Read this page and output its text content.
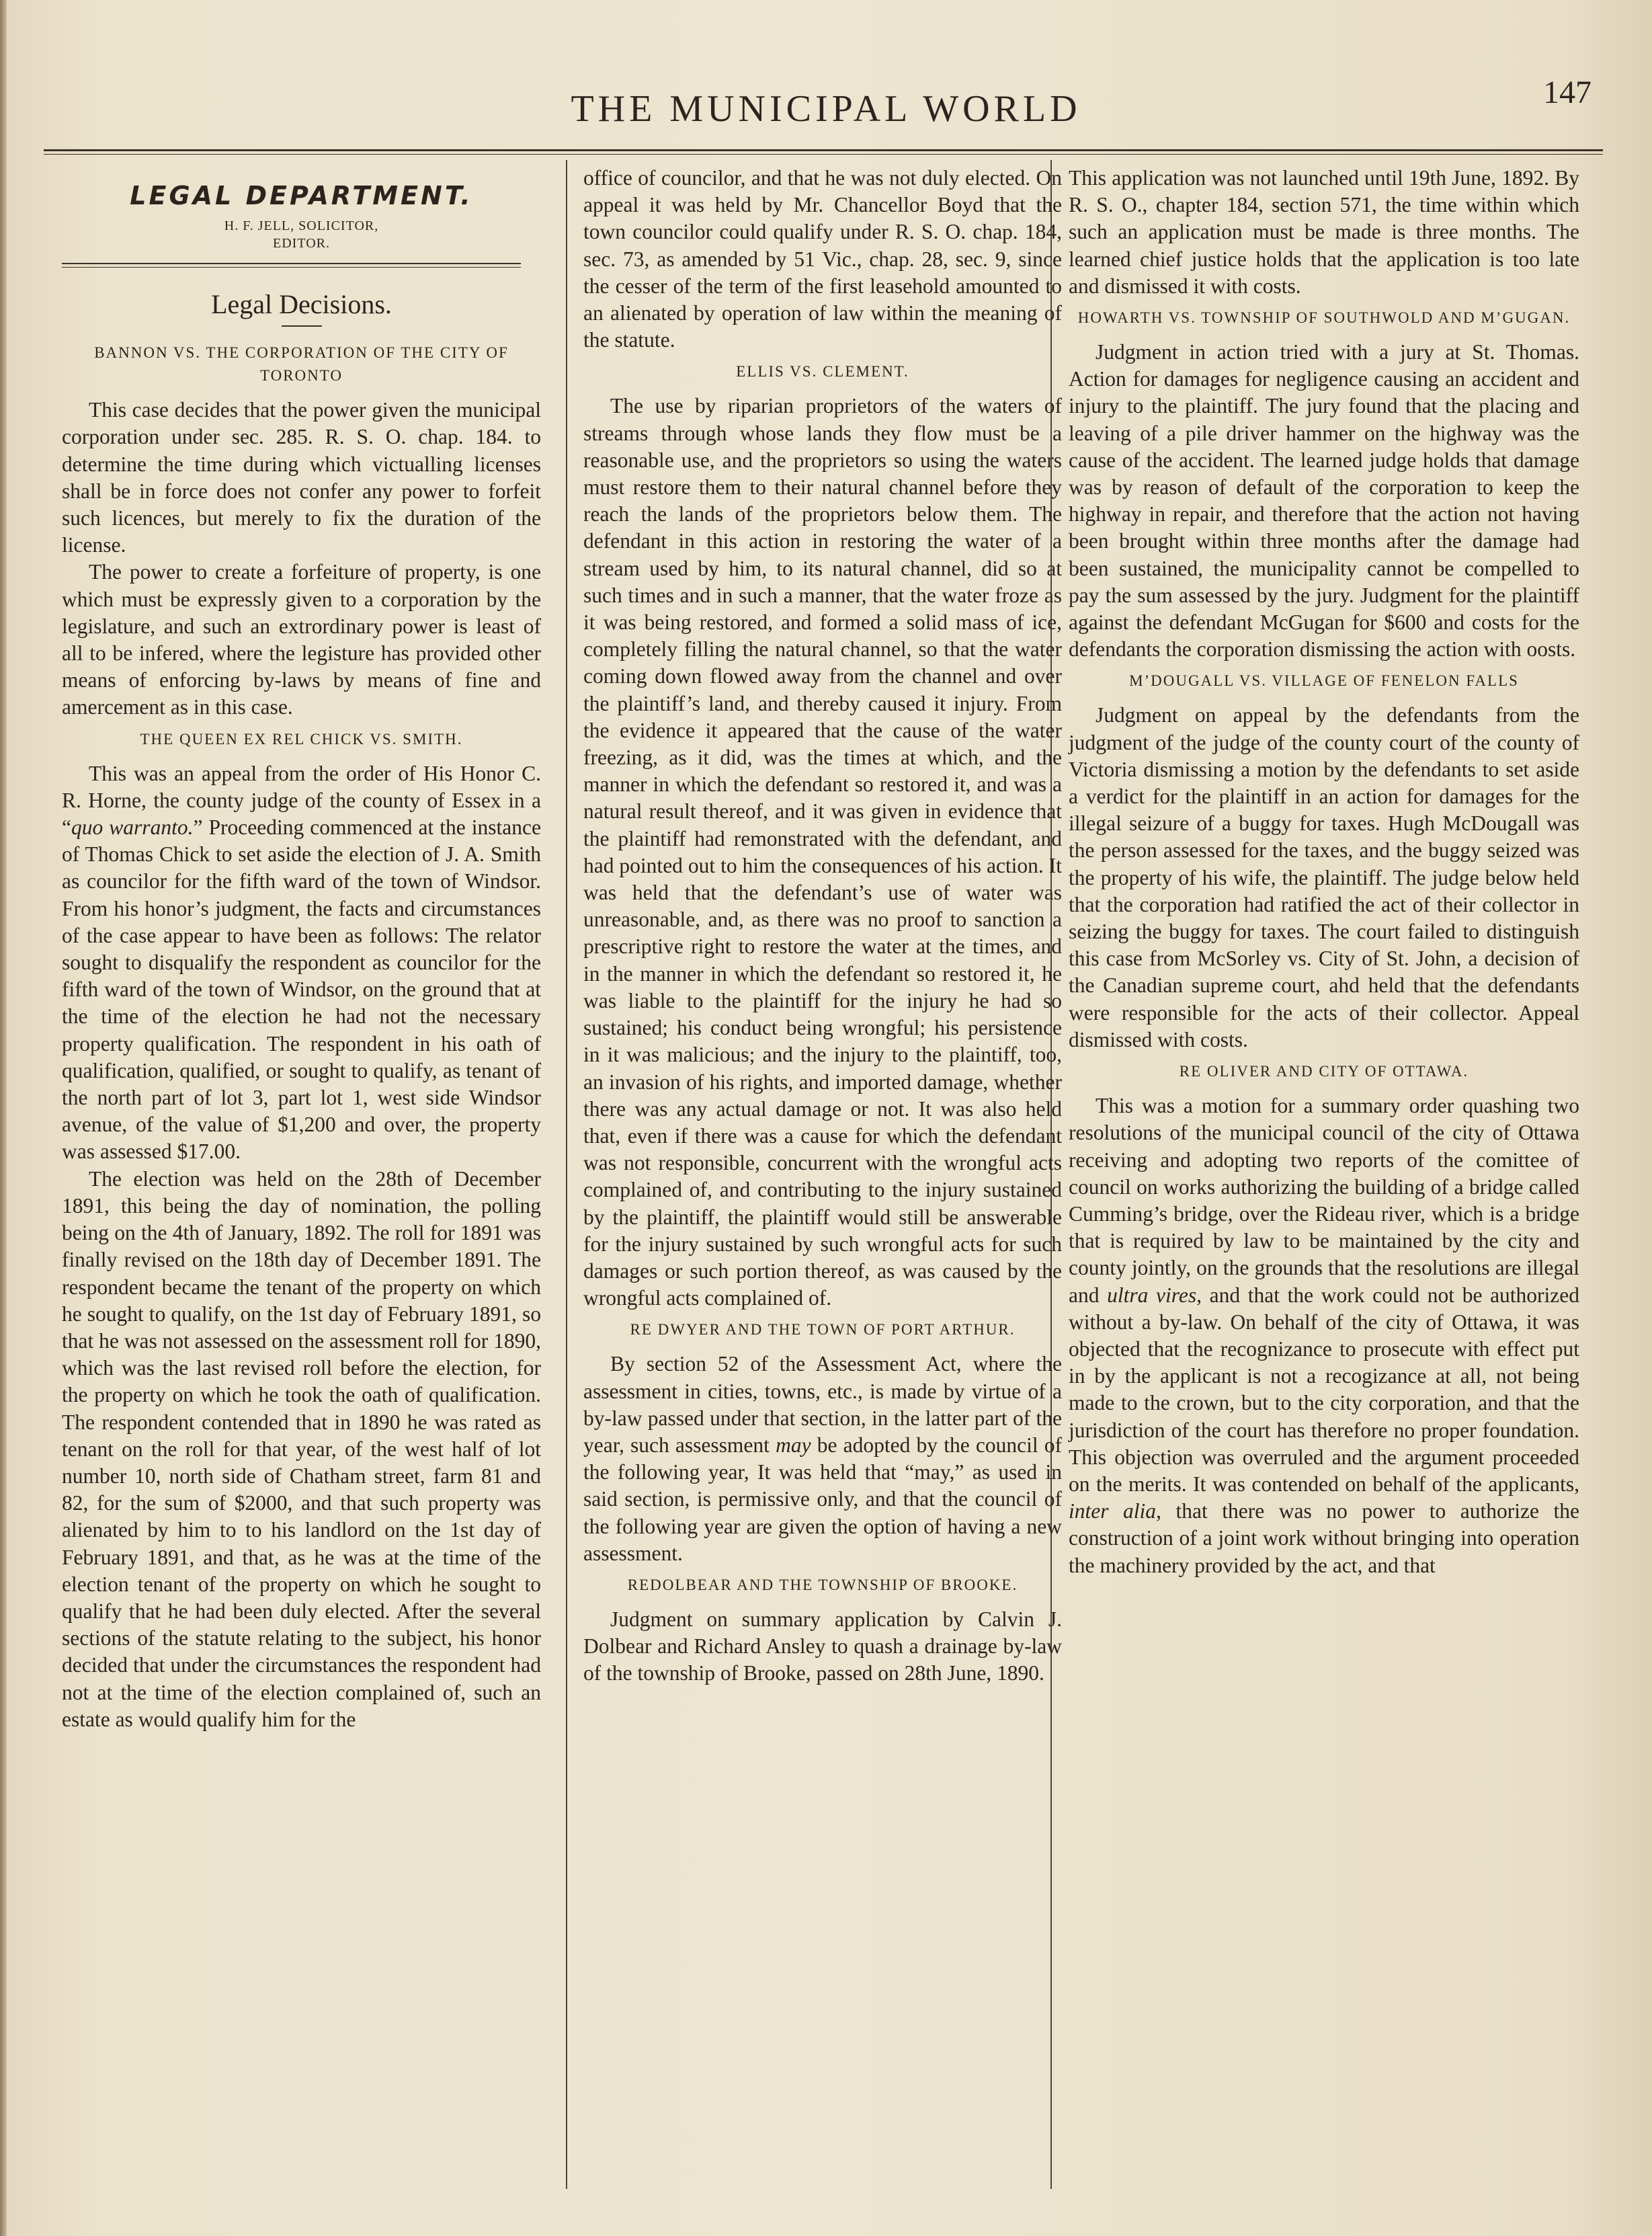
THE MUNICIPAL WORLD	147
LEGAL DEPARTMENT.
H. F. JELL, SOLICITOR,
EDITOR.
Legal Decisions.
BANNON VS. THE CORPORATION OF THE CITY OF TORONTO

This case decides that the power given the municipal corporation under sec. 285. R. S. O. chap. 184. to determine the time during which victualling licenses shall be in force does not confer any power to forfeit such licences, but merely to fix the duration of the license.

The power to create a forfeiture of property, is one which must be expressly given to a corporation by the legislature, and such an extrordinary power is least of all to be infered, where the legisture has provided other means of enforcing by-laws by means of fine and amercement as in this case.

THE QUEEN EX REL CHICK VS. SMITH.

This was an appeal from the order of His Honor C. R. Horne, the county judge of the county of Essex in a “quo warranto.” Proceeding commenced at the instance of Thomas Chick to set aside the election of J. A. Smith as councilor for the fifth ward of the town of Windsor. From his honor’s judgment, the facts and circumstances of the case appear to have been as follows: The relator sought to disqualify the respondent as councilor for the fifth ward of the town of Windsor, on the ground that at the time of the election he had not the necessary property qualification. The respondent in his oath of qualification, qualified, or sought to qualify, as tenant of the north part of lot 3, part lot 1, west side Windsor avenue, of the value of $1,200 and over, the property was assessed $17.00.

The election was held on the 28th of December 1891, this being the day of nomination, the polling being on the 4th of January, 1892. The roll for 1891 was finally revised on the 18th day of December 1891. The respondent became the tenant of the property on which he sought to qualify, on the 1st day of February 1891, so that he was not assessed on the assessment roll for 1890, which was the last revised roll before the election, for the property on which he took the oath of qualification. The respondent contended that in 1890 he was rated as tenant on the roll for that year, of the west half of lot number 10, north side of Chatham street, farm 81 and 82, for the sum of $2000, and that such property was alienated by him to to his landlord on the 1st day of February 1891, and that, as he was at the time of the election tenant of the property on which he sought to qualify that he had been duly elected. After the several sections of the statute relating to the subject, his honor decided that under the circumstances the respondent had not at the time of the election complained of, such an estate as would qualify him for the

office of councilor, and that he was not duly elected. On appeal it was held by Mr. Chancellor Boyd that the town councilor could qualify under R. S. O. chap. 184, sec. 73, as amended by 51 Vic., chap. 28, sec. 9, since the cesser of the term of the first leasehold amounted to an alienated by operation of law within the meaning of the statute.

ELLIS VS. CLEMENT.

The use by riparian proprietors of the waters of streams through whose lands they flow must be a reasonable use, and the proprietors so using the waters must restore them to their natural channel before they reach the lands of the proprietors below them. The defendant in this action in restoring the water of a stream used by him, to its natural channel, did so at such times and in such a manner, that the water froze as it was being restored, and formed a solid mass of ice, completely filling the natural channel, so that the water coming down flowed away from the channel and over the plaintiff’s land, and thereby caused it injury. From the evidence it appeared that the cause of the water freezing, as it did, was the times at which, and the manner in which the defendant so restored it, and was a natural result thereof, and it was given in evidence that the plaintiff had remonstrated with the defendant, and had pointed out to him the consequences of his action. It was held that the defendant’s use of water was unreasonable, and, as there was no proof to sanction a prescriptive right to restore the water at the times, and in the manner in which the defendant so restored it, he was liable to the plaintiff for the injury he had so sustained; his conduct being wrongful; his persistence in it was malicious; and the injury to the plaintiff, too, an invasion of his rights, and imported damage, whether there was any actual damage or not. It was also held that, even if there was a cause for which the defendant was not responsible, concurrent with the wrongful acts complained of, and contributing to the injury sustained by the plaintiff, the plaintiff would still be answerable for the injury sustained by such wrongful acts for such damages or such portion thereof, as was caused by the wrongful acts complained of.

RE DWYER AND THE TOWN OF PORT ARTHUR.

By section 52 of the Assessment Act, where the assessment in cities, towns, etc., is made by virtue of a by-law passed under that section, in the latter part of the year, such assessment may be adopted by the council of the following year, It was held that “may,” as used in said section, is permissive only, and that the council of the following year are given the option of having a new assessment.

REDOLBEAR AND THE TOWNSHIP OF BROOKE.

Judgment on summary application by Calvin J. Dolbear and Richard Ansley to quash a drainage by-law of the township of Brooke, passed on 28th June, 1890.

This application was not launched until 19th June, 1892. By R. S. O., chapter 184, section 571, the time within which such an application must be made is three months. The learned chief justice holds that the application is too late and dismissed it with costs.

HOWARTH VS. TOWNSHIP OF SOUTHWOLD AND M’GUGAN.

Judgment in action tried with a jury at St. Thomas. Action for damages for negligence causing an accident and injury to the plaintiff. The jury found that the placing and leaving of a pile driver hammer on the highway was the cause of the accident. The learned judge holds that damage was by reason of default of the corporation to keep the highway in repair, and therefore that the action not having been brought within three months after the damage had been sustained, the municipality cannot be compelled to pay the sum assessed by the jury. Judgment for the plaintiff against the defendant McGugan for $600 and costs for the defendants the corporation dismissing the action with oosts.

M’DOUGALL VS. VILLAGE OF FENELON FALLS

Judgment on appeal by the defendants from the judgment of the judge of the county court of the county of Victoria dismissing a motion by the defendants to set aside a verdict for the plaintiff in an action for damages for the illegal seizure of a buggy for taxes. Hugh McDougall was the person assessed for the taxes, and the buggy seized was the property of his wife, the plaintiff. The judge below held that the corporation had ratified the act of their collector in seizing the buggy for taxes. The court failed to distinguish this case from McSorley vs. City of St. John, a decision of the Canadian supreme court, ahd held that the defendants were responsible for the acts of their collector. Appeal dismissed with costs.

RE OLIVER AND CITY OF OTTAWA.

This was a motion for a summary order quashing two resolutions of the municipal council of the city of Ottawa receiving and adopting two reports of the comittee of council on works authorizing the building of a bridge called Cumming’s bridge, over the Rideau river, which is a bridge that is required by law to be maintained by the city and county jointly, on the grounds that the resolutions are illegal and ultra vires, and that the work could not be authorized without a by-law. On behalf of the city of Ottawa, it was objected that the recognizance to prosecute with effect put in by the applicant is not a recogizance at all, not being made to the crown, but to the city corporation, and that the jurisdiction of the court has therefore no proper foundation. This objection was overruled and the argument proceeded on the merits. It was contended on behalf of the applicants, inter alia, that there was no power to authorize the construction of a joint work without bringing into operation the machinery provided by the act, and that
